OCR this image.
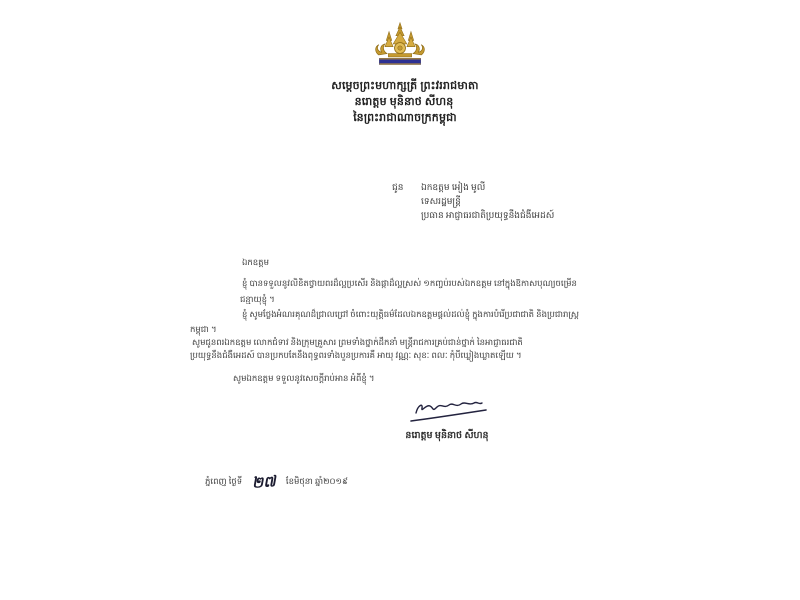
សម្តេចព្រះមហាក្សត្រី ព្រះវររាជមាតា
នរោត្តម មុនិនាថ សីហនុ
នៃព្រះរាជាណាចក្រកម្ពុជា
ជូន ឯកឧត្តម អៀង មូលី
ទេសរដ្ឋមន្ត្រី
ប្រធាន អាជ្ញាធរជាតិប្រយុទ្ធនឹងជំងឺអេដស៍
ឯកឧត្តម
ខ្ញុំ បានទទួលនូវលិខិតថ្វាយពរដ៏ល្អប្រសើរ និងផ្កាដ៏ល្អស្រស់ ១កញ្ចប់របស់ឯកឧត្តម នៅក្នុងឱកាសបុណ្យចម្រើន
ជន្មាយុខ្ញុំ ។
ខ្ញុំ សូមថ្លែងអំណរគុណដ៏ជ្រាលជ្រៅ ចំពោះយុត្តិធម៌ដែលឯកឧត្តមផ្តល់ដល់ខ្ញុំ ក្នុងការបំរើប្រជាជាតិ និងប្រជារាស្ត្រ
កម្ពុជា ។
សូមជូនពរឯកឧត្តម លោកជំទាវ និងក្រុមគ្រួសារ ព្រមទាំងថ្នាក់ដឹកនាំ មន្ត្រីរាជការគ្រប់ជាន់ថ្នាក់ នៃអាជ្ញាធរជាតិ
ប្រយុទ្ធនឹងជំងឺអេដស៍ បានប្រកបតែនឹងពុទ្ធពរទាំងបួនប្រការគឺ អាយុ វណ្ណៈ សុខៈ ពលៈ កុំបីឃ្លៀងឃ្លាតឡើយ ។
សូមឯកឧត្តម ទទួលនូវសេចក្តីរាប់អាន អំពីខ្ញុំ ។
នរោត្តម មុនិនាថ សីហនុ
ភ្នំពេញ ថ្ងៃទី ២៧ ខែមិថុនា ឆ្នាំ២០១៩
